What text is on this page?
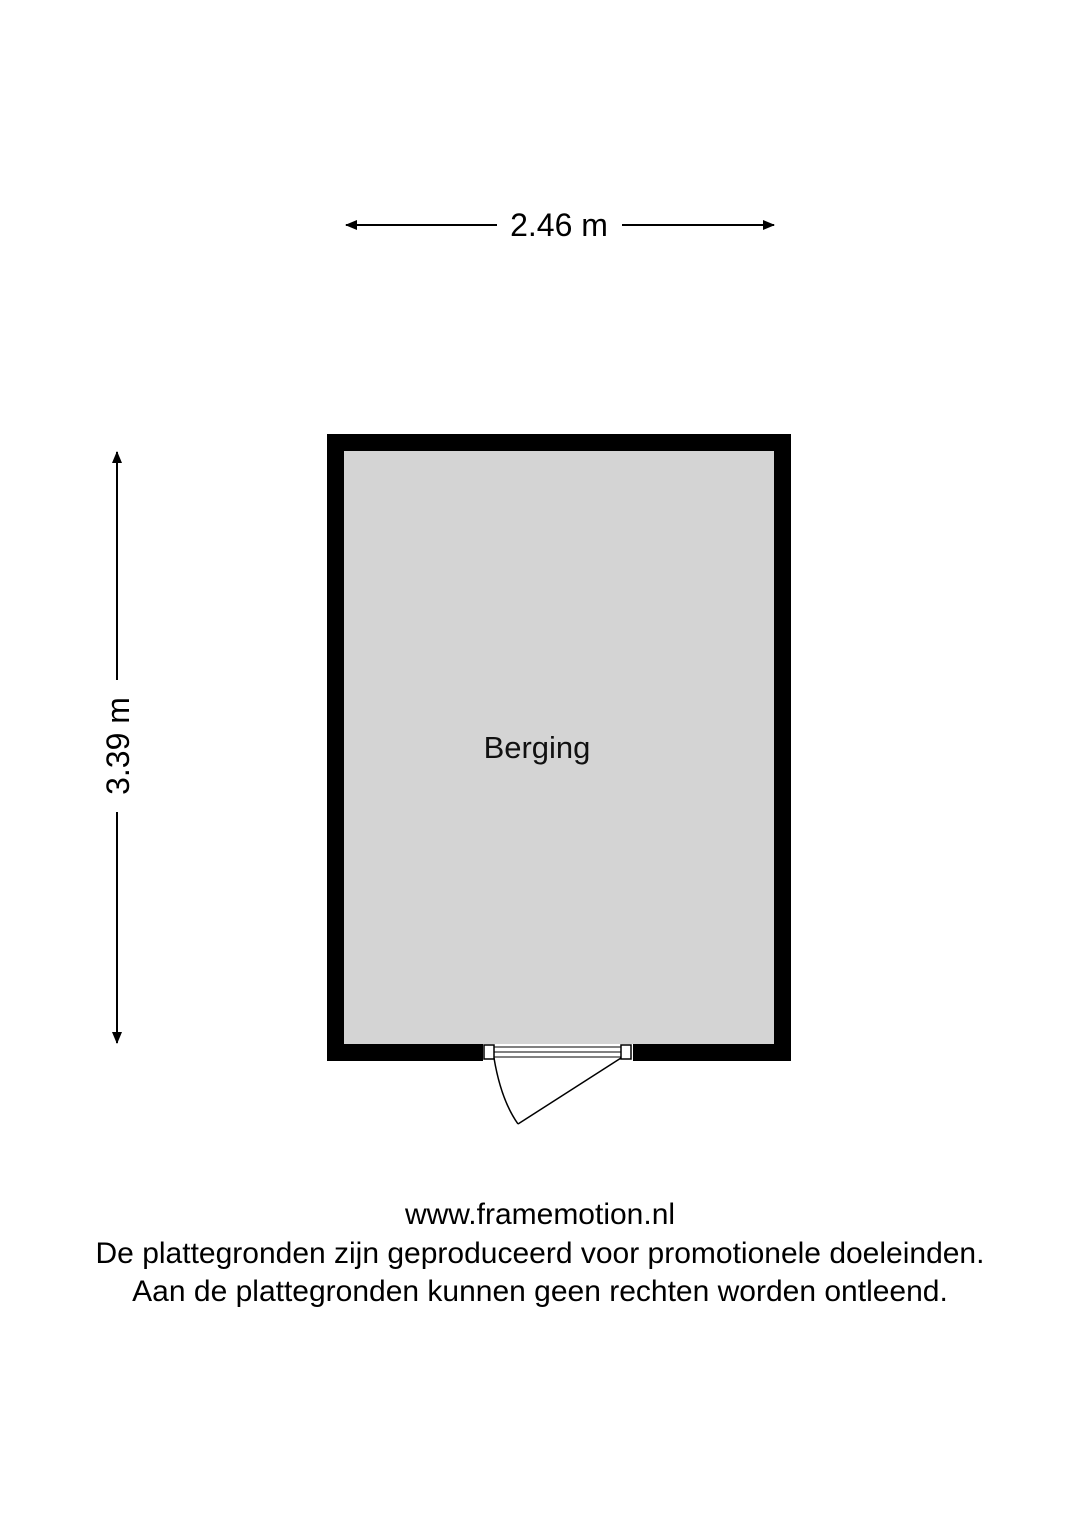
2.46 m
3.39 m	Berging
www.framemotion.nl
De plattegronden zijn geproduceerd voor promotionele doeleinden.
Aan de plattegronden kunnen geen rechten worden ontleend.
